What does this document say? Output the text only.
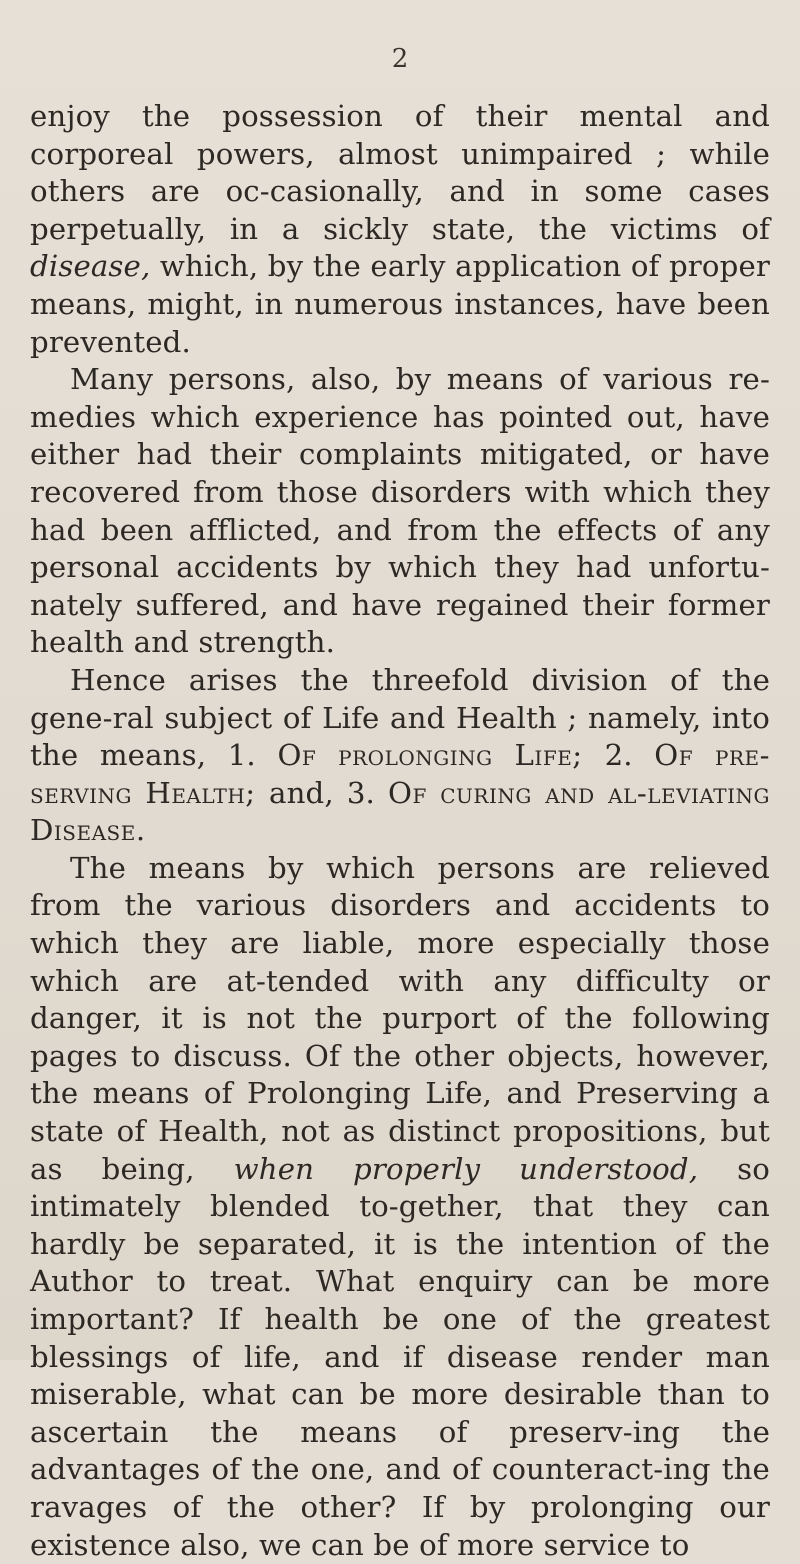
2

enjoy the possession of their mental and corporeal powers, almost unimpaired ; while others are oc-casionally, and in some cases perpetually, in a sickly state, the victims of disease, which, by the early application of proper means, might, in numerous instances, have been prevented.

Many persons, also, by means of various re-medies which experience has pointed out, have either had their complaints mitigated, or have recovered from those disorders with which they had been afflicted, and from the effects of any personal accidents by which they had unfortu-nately suffered, and have regained their former health and strength.

Hence arises the threefold division of the gene-ral subject of Life and Health ; namely, into the means, 1. Of prolonging Life; 2. Of pre-serving Health; and, 3. Of curing and al-leviating Disease.

The means by which persons are relieved from the various disorders and accidents to which they are liable, more especially those which are at-tended with any difficulty or danger, it is not the purport of the following pages to discuss. Of the other objects, however, the means of Prolonging Life, and Preserving a state of Health, not as distinct propositions, but as being, when properly understood, so intimately blended to-gether, that they can hardly be separated, it is the intention of the Author to treat. What enquiry can be more important? If health be one of the greatest blessings of life, and if disease render man miserable, what can be more desirable than to ascertain the means of preserv-ing the advantages of the one, and of counteract-ing the ravages of the other? If by prolonging our existence also, we can be of more service to
